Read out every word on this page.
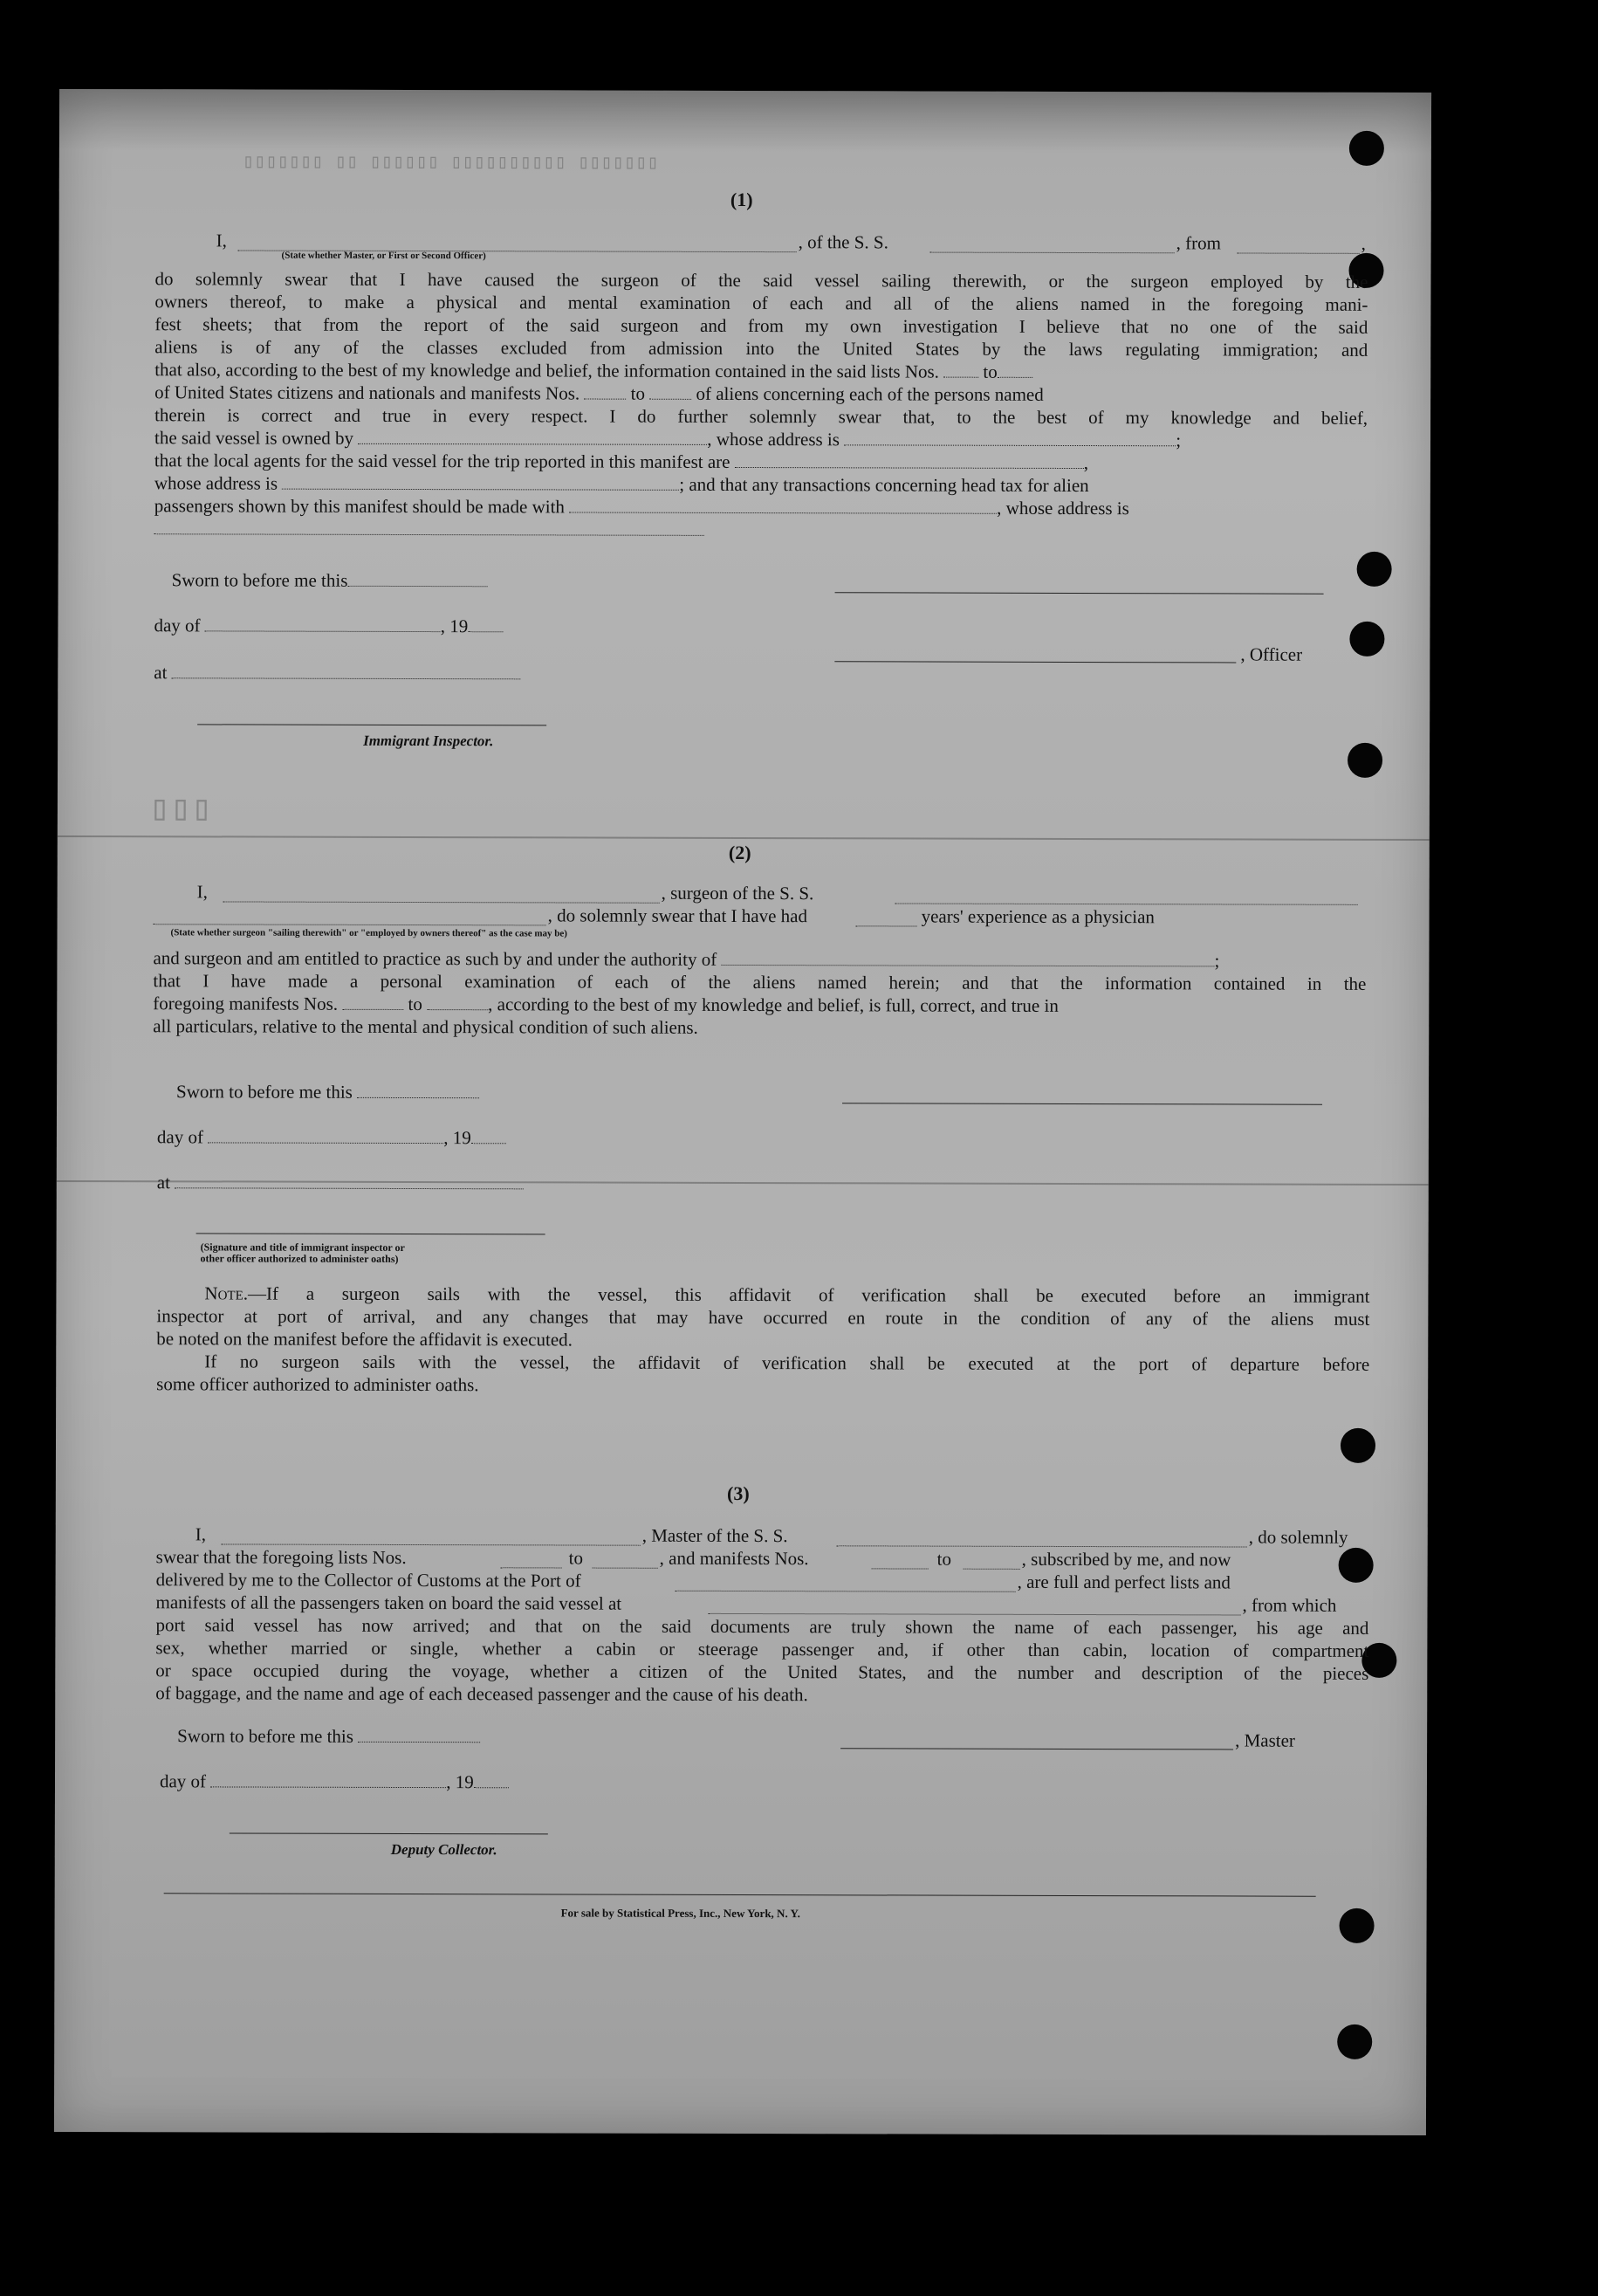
▯▯▯▯▯▯▯ ▯▯ ▯▯▯▯▯▯ ▯▯▯▯▯▯▯▯▯▯ ▯▯▯▯▯▯▯
▯▯▯
(1)
I,	, of the S. S.	, from	,
(State whether Master, or First or Second Officer)
do solemnly swear that I have caused the surgeon of the said vessel sailing therewith, or the surgeon employed by the
owners thereof, to make a physical and mental examination of each and all of the aliens named in the foregoing mani-
fest sheets; that from the report of the said surgeon and from my own investigation I believe that no one of the said
aliens is of any of the classes excluded from admission into the United States by the laws regulating immigration; and
that also, according to the best of my knowledge and belief, the information contained in the said lists Nos. to
of United States citizens and nationals and manifests Nos.	to	of aliens concerning each of the persons named
therein is correct and true in every respect. I do further solemnly swear that, to the best of my knowledge and belief,
the said vessel is owned by	, whose address is	;
that the local agents for the said vessel for the trip reported in this manifest are	,
whose address is	; and that any transactions concerning head tax for alien
passengers shown by this manifest should be made with	, whose address is
Sworn to before me this
day of	, 19
, Officer
at
Immigrant Inspector.
(2)
I,	, surgeon of the S. S.
, do solemnly swear that I have had	years' experience as a physician
(State whether surgeon "sailing therewith" or "employed by owners thereof" as the case may be)
and surgeon and am entitled to practice as such by and under the authority of	;
that I have made a personal examination of each of the aliens named herein; and that the information contained in the
foregoing manifests Nos.	to	, according to the best of my knowledge and belief, is full, correct, and true in
all particulars, relative to the mental and physical condition of such aliens.
Sworn to before me this
day of	, 19
at
(Signature and title of immigrant inspector or
other officer authorized to administer oaths)
Note.—If a surgeon sails with the vessel, this affidavit of verification shall be executed before an immigrant
inspector at port of arrival, and any changes that may have occurred en route in the condition of any of the aliens must
be noted on the manifest before the affidavit is executed.
If no surgeon sails with the vessel, the affidavit of verification shall be executed at the port of departure before
some officer authorized to administer oaths.
(3)
I,	, Master of the S. S.	, do solemnly
swear that the foregoing lists Nos.	to	, and manifests Nos.	to	, subscribed by me, and now
delivered by me to the Collector of Customs at the Port of	, are full and perfect lists and
manifests of all the passengers taken on board the said vessel at	, from which
port said vessel has now arrived; and that on the said documents are truly shown the name of each passenger, his age and
sex, whether married or single, whether a cabin or steerage passenger and, if other than cabin, location of compartment
or space occupied during the voyage, whether a citizen of the United States, and the number and description of the pieces
of baggage, and the name and age of each deceased passenger and the cause of his death.
Sworn to before me this	, Master
day of	, 19
Deputy Collector.
For sale by Statistical Press, Inc., New York, N. Y.
